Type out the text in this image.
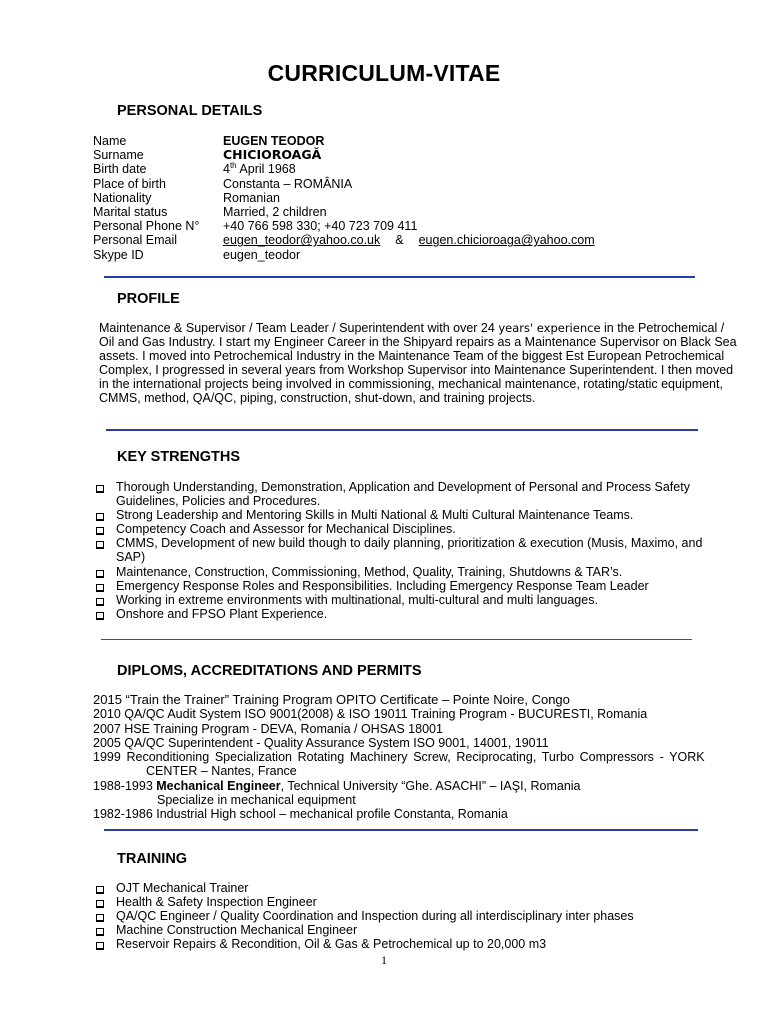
CURRICULUM-VITAE
PERSONAL DETAILS
Name	EUGEN TEODOR
Surname	CHICIOROAGĂ
Birth date	4th April 1968
Place of birth	Constanta – ROMÂNIA
Nationality	Romanian
Marital status	Married, 2 children
Personal Phone N° +40 766 598 330; +40 723 709 411
Personal Email	eugen_teodor@yahoo.co.uk & eugen.chicioroaga@yahoo.com
Skype ID	eugen_teodor
PROFILE
Maintenance & Supervisor / Team Leader / Superintendent with over 24 years' experience in the Petrochemical / Oil and Gas Industry. I start my Engineer Career in the Shipyard repairs as a Maintenance Supervisor on Black Sea assets. I moved into Petrochemical Industry in the Maintenance Team of the biggest Est European Petrochemical Complex, I progressed in several years from Workshop Supervisor into Maintenance Superintendent. I then moved in the international projects being involved in commissioning, mechanical maintenance, rotating/static equipment, CMMS, method, QA/QC, piping, construction, shut-down, and training projects.
KEY STRENGTHS
Thorough Understanding, Demonstration, Application and Development of Personal and Process Safety Guidelines, Policies and Procedures.
Strong Leadership and Mentoring Skills in Multi National & Multi Cultural Maintenance Teams.
Competency Coach and Assessor for Mechanical Disciplines.
CMMS, Development of new build though to daily planning, prioritization & execution (Musis, Maximo, and SAP)
Maintenance, Construction, Commissioning, Method, Quality, Training, Shutdowns & TAR’s.
Emergency Response Roles and Responsibilities. Including Emergency Response Team Leader
Working in extreme environments with multinational, multi-cultural and multi languages.
Onshore and FPSO Plant Experience.
DIPLOMS, ACCREDITATIONS AND PERMITS
2015 “Train the Trainer” Training Program OPITO Certificate – Pointe Noire, Congo
2010 QA/QC Audit System ISO 9001(2008) & ISO 19011 Training Program - BUCURESTI, Romania
2007 HSE Training Program - DEVA, Romania / OHSAS 18001
2005 QA/QC Superintendent - Quality Assurance System ISO 9001, 14001, 19011
1999 Reconditioning Specialization Rotating Machinery Screw, Reciprocating, Turbo Compressors - YORK
CENTER – Nantes, France
1988-1993 Mechanical Engineer, Technical University “Ghe. ASACHI” – IAŞI, Romania
Specialize in mechanical equipment
1982-1986 Industrial High school – mechanical profile Constanta, Romania
TRAINING
OJT Mechanical Trainer
Health & Safety Inspection Engineer
QA/QC Engineer / Quality Coordination and Inspection during all interdisciplinary inter phases
Machine Construction Mechanical Engineer
Reservoir Repairs & Recondition, Oil & Gas & Petrochemical up to 20,000 m3
1
